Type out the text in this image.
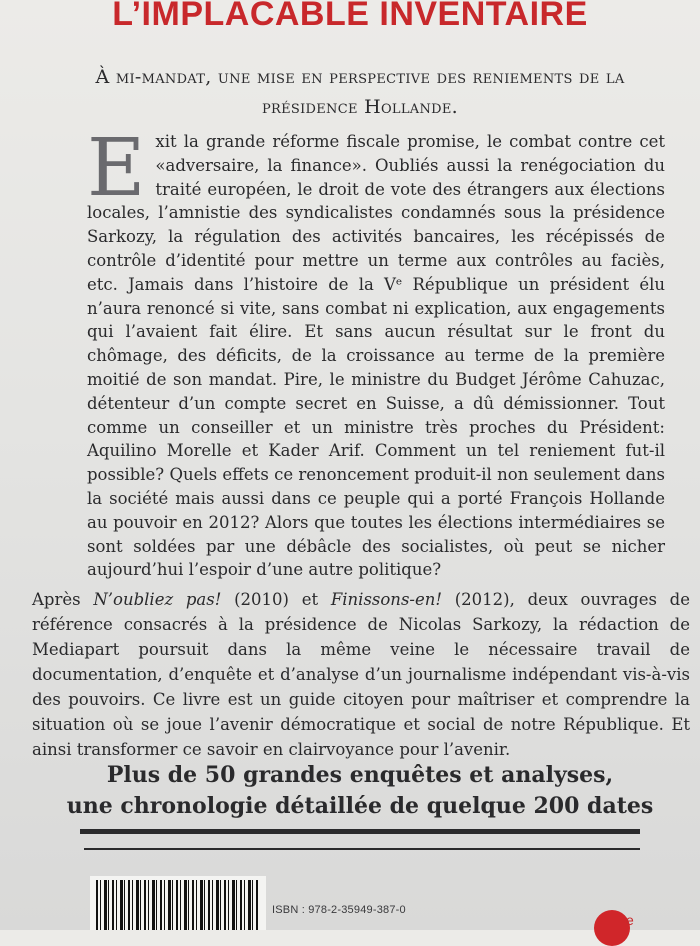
L’IMPLACABLE INVENTAIRE
À mi-mandat, une mise en perspective des reniements de la présidence Hollande.
Exit la grande réforme fiscale promise, le combat contre cet «adversaire, la finance». Oubliés aussi la renégociation du traité européen, le droit de vote des étrangers aux élections locales, l’amnistie des syndicalistes condamnés sous la présidence Sarkozy, la régulation des activités bancaires, les récépissés de contrôle d’identité pour mettre un terme aux contrôles au faciès, etc. Jamais dans l’histoire de la Vᵉ République un président élu n’aura renoncé si vite, sans combat ni explication, aux engagements qui l’avaient fait élire. Et sans aucun résultat sur le front du chômage, des déficits, de la croissance au terme de la première moitié de son mandat. Pire, le ministre du Budget Jérôme Cahuzac, détenteur d’un compte secret en Suisse, a dû démissionner. Tout comme un conseiller et un ministre très proches du Président: Aquilino Morelle et Kader Arif. Comment un tel reniement fut-il possible? Quels effets ce renoncement produit-il non seulement dans la société mais aussi dans ce peuple qui a porté François Hollande au pouvoir en 2012? Alors que toutes les élections intermédiaires se sont soldées par une débâcle des socialistes, où peut se nicher aujourd’hui l’espoir d’une autre politique?
Après N’oubliez pas! (2010) et Finissons-en! (2012), deux ouvrages de référence consacrés à la présidence de Nicolas Sarkozy, la rédaction de Mediapart poursuit dans la même veine le nécessaire travail de documentation, d’enquête et d’analyse d’un journalisme indépendant vis-à-vis des pouvoirs. Ce livre est un guide citoyen pour maîtriser et comprendre la situation où se joue l’avenir démocratique et social de notre République. Et ainsi transformer ce savoir en clairvoyance pour l’avenir.
Plus de 50 grandes enquêtes et analyses,
une chronologie détaillée de quelque 200 dates
ISBN : 978-2-35949-387-0
e
